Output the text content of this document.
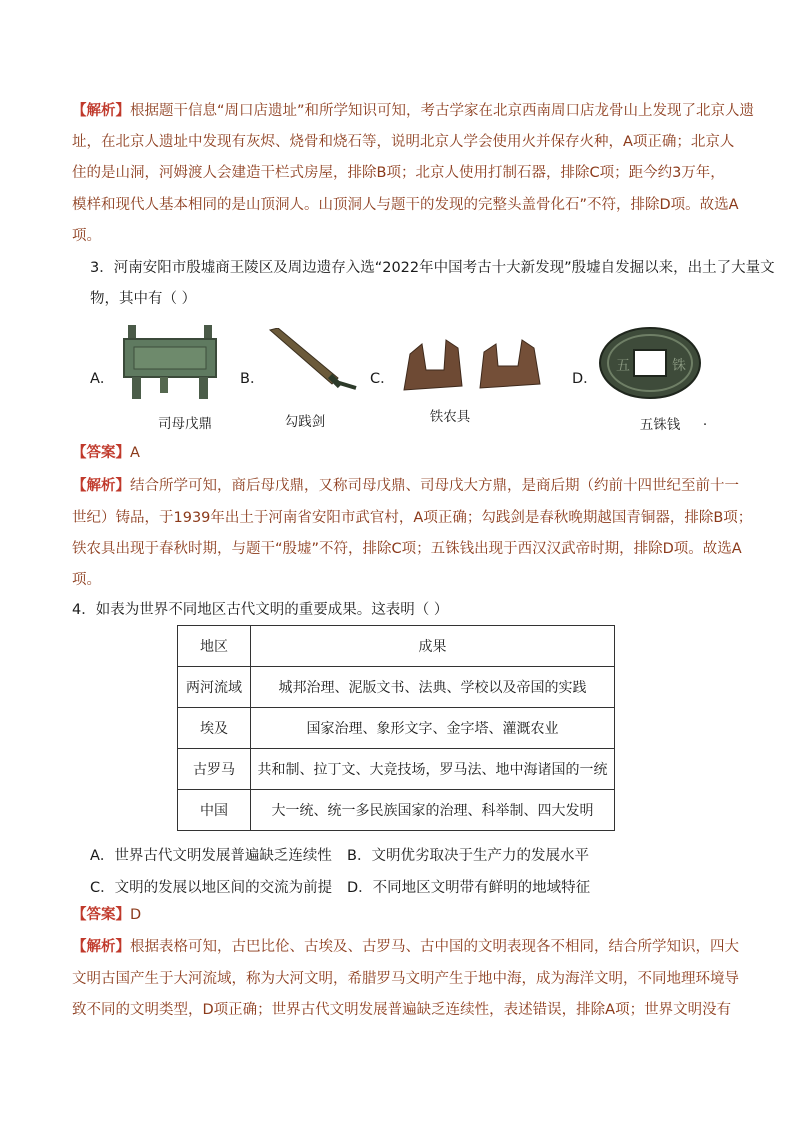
【解析】根据题干信息“周口店遗址”和所学知识可知，考古学家在北京西南周口店龙骨山上发现了北京人遗
址，在北京人遗址中发现有灰烬、烧骨和烧石等，说明北京人学会使用火并保存火种，A项正确；北京人
住的是山洞，河姆渡人会建造干栏式房屋，排除B项；北京人使用打制石器，排除C项；距今约3万年，
模样和现代人基本相同的是山顶洞人。山顶洞人与题干的发现的完整头盖骨化石”不符，排除D项。故选A
项。
3．河南安阳市殷墟商王陵区及周边遗存入选“2022年中国考古十大新发现”殷墟自发掘以来，出土了大量文
物，其中有（ ）
A．
司母戊鼎
B．
勾践剑
C．
铁农具
D．
五	铢
五铢钱	.
【答案】A
【解析】结合所学可知，商后母戊鼎，又称司母戊鼎、司母戊大方鼎，是商后期（约前十四世纪至前十一
世纪）铸品，于1939年出土于河南省安阳市武官村，A项正确；勾践剑是春秋晚期越国青铜器，排除B项；
铁农具出现于春秋时期，与题干“殷墟”不符，排除C项；五铢钱出现于西汉汉武帝时期，排除D项。故选A
项。
4．如表为世界不同地区古代文明的重要成果。这表明（ ）
地区	成果
两河流域	城邦治理、泥版文书、法典、学校以及帝国的实践
埃及	国家治理、象形文字、金字塔、灌溉农业
古罗马	共和制、拉丁文、大竞技场，罗马法、地中海诸国的一统
中国	大一统、统一多民族国家的治理、科举制、四大发明
A．世界古代文明发展普遍缺乏连续性 B．文明优劣取决于生产力的发展水平
C．文明的发展以地区间的交流为前提 D．不同地区文明带有鲜明的地域特征
【答案】D
【解析】根据表格可知，古巴比伦、古埃及、古罗马、古中国的文明表现各不相同，结合所学知识，四大
文明古国产生于大河流域，称为大河文明，希腊罗马文明产生于地中海，成为海洋文明，不同地理环境导
致不同的文明类型，D项正确；世界古代文明发展普遍缺乏连续性，表述错误，排除A项；世界文明没有
